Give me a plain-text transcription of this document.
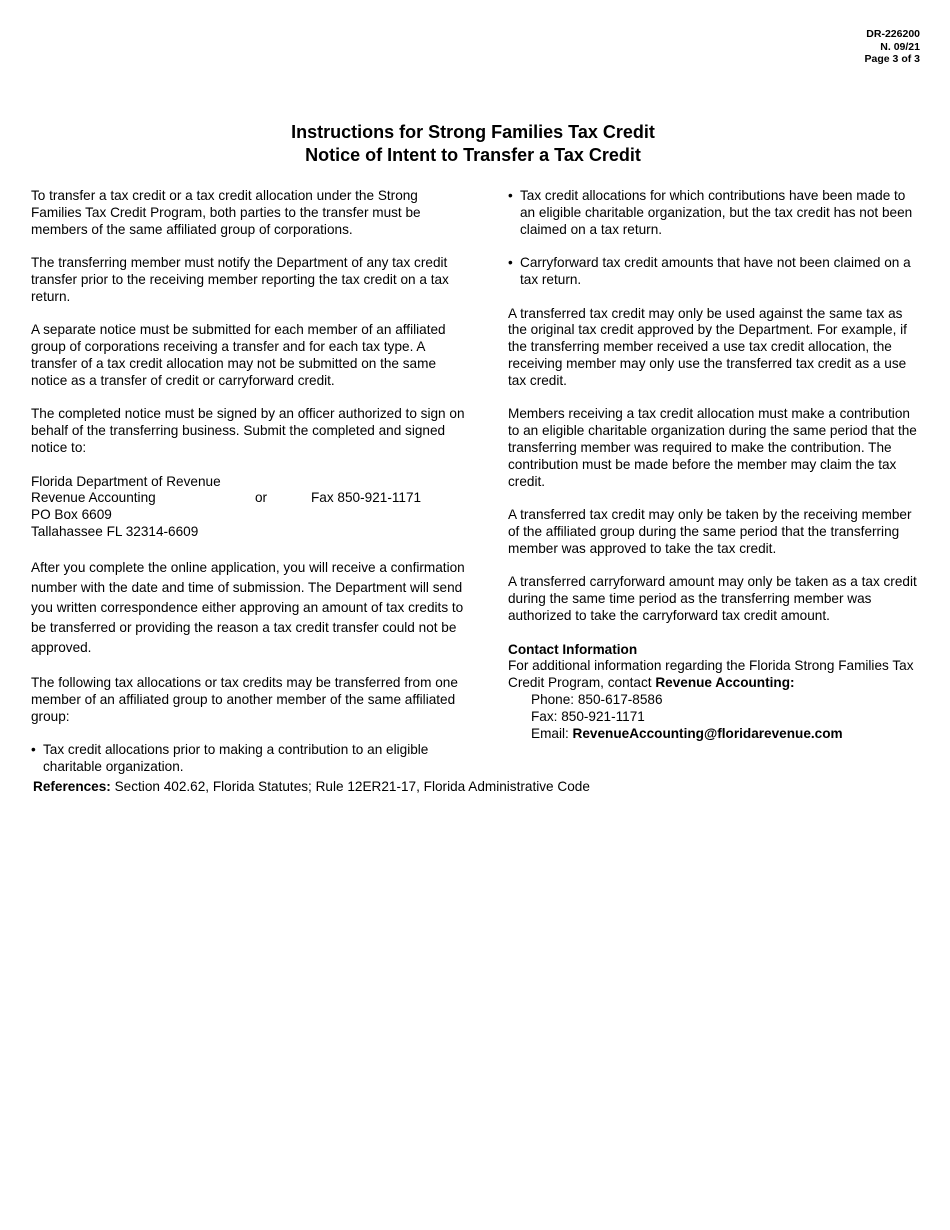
DR-226200
N. 09/21
Page 3 of 3
Instructions for Strong Families Tax Credit
Notice of Intent to Transfer a Tax Credit

To transfer a tax credit or a tax credit allocation under the Strong Families Tax Credit Program, both parties to the transfer must be members of the same affiliated group of corporations.

The transferring member must notify the Department of any tax credit transfer prior to the receiving member reporting the tax credit on a tax return.

A separate notice must be submitted for each member of an affiliated group of corporations receiving a transfer and for each tax type. A transfer of a tax credit allocation may not be submitted on the same notice as a transfer of credit or carryforward credit.

The completed notice must be signed by an officer authorized to sign on behalf of the transferring business. Submit the completed and signed notice to:

Florida Department of Revenue
Revenue Accounting	or	Fax 850-921-1171
PO Box 6609
Tallahassee FL 32314-6609

After you complete the online application, you will receive a confirmation number with the date and time of submission. The Department will send you written correspondence either approving an amount of tax credits to be transferred or providing the reason a tax credit transfer could not be approved.

The following tax allocations or tax credits may be transferred from one member of an affiliated group to another member of the same affiliated group:

• Tax credit allocations prior to making a contribution to an eligible charitable organization.
• Tax credit allocations for which contributions have been made to an eligible charitable organization, but the tax credit has not been claimed on a tax return.
• Carryforward tax credit amounts that have not been claimed on a tax return.

A transferred tax credit may only be used against the same tax as the original tax credit approved by the Department. For example, if the transferring member received a use tax credit allocation, the receiving member may only use the transferred tax credit as a use tax credit.

Members receiving a tax credit allocation must make a contribution to an eligible charitable organization during the same period that the transferring member was required to make the contribution. The contribution must be made before the member may claim the tax credit.

A transferred tax credit may only be taken by the receiving member of the affiliated group during the same period that the transferring member was approved to take the tax credit.

A transferred carryforward amount may only be taken as a tax credit during the same time period as the transferring member was authorized to take the carryforward tax credit amount.

Contact Information
For additional information regarding the Florida Strong Families Tax Credit Program, contact Revenue Accounting:
Phone: 850-617-8586
Fax: 850-921-1171
Email: RevenueAccounting@floridarevenue.com
References: Section 402.62, Florida Statutes; Rule 12ER21-17, Florida Administrative Code
